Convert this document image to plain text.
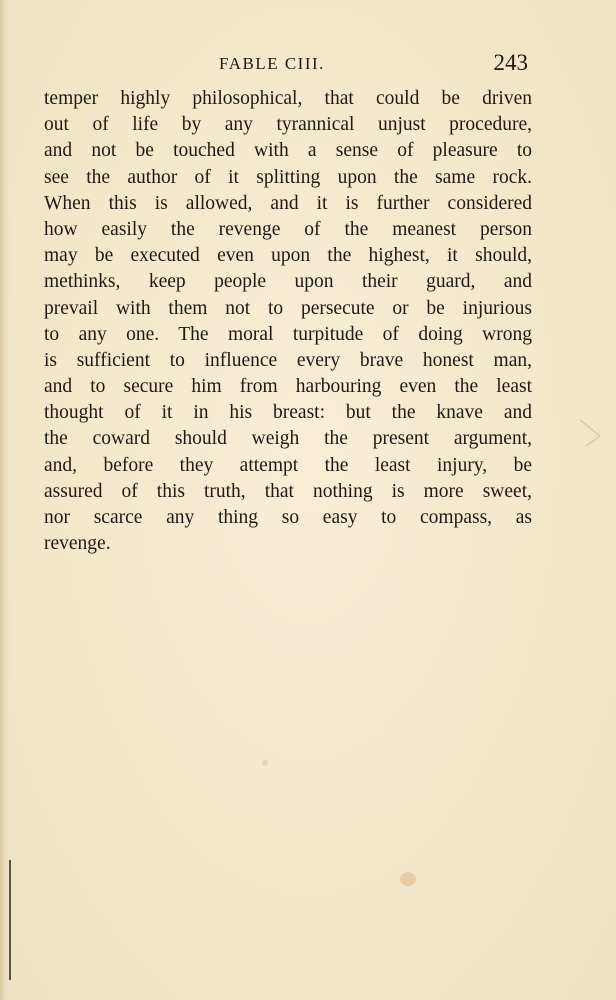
FABLE CIII.	243
temper highly philosophical, that could be driven
out of life by any tyrannical unjust procedure,
and not be touched with a sense of pleasure to
see the author of it splitting upon the same rock.
When this is allowed, and it is further considered
how easily the revenge of the meanest person
may be executed even upon the highest, it should,
methinks, keep people upon their guard, and
prevail with them not to persecute or be injurious
to any one. The moral turpitude of doing wrong
is sufficient to influence every brave honest man,
and to secure him from harbouring even the least
thought of it in his breast: but the knave and
the coward should weigh the present argument,
and, before they attempt the least injury, be
assured of this truth, that nothing is more sweet,
nor scarce any thing so easy to compass, as
revenge.
